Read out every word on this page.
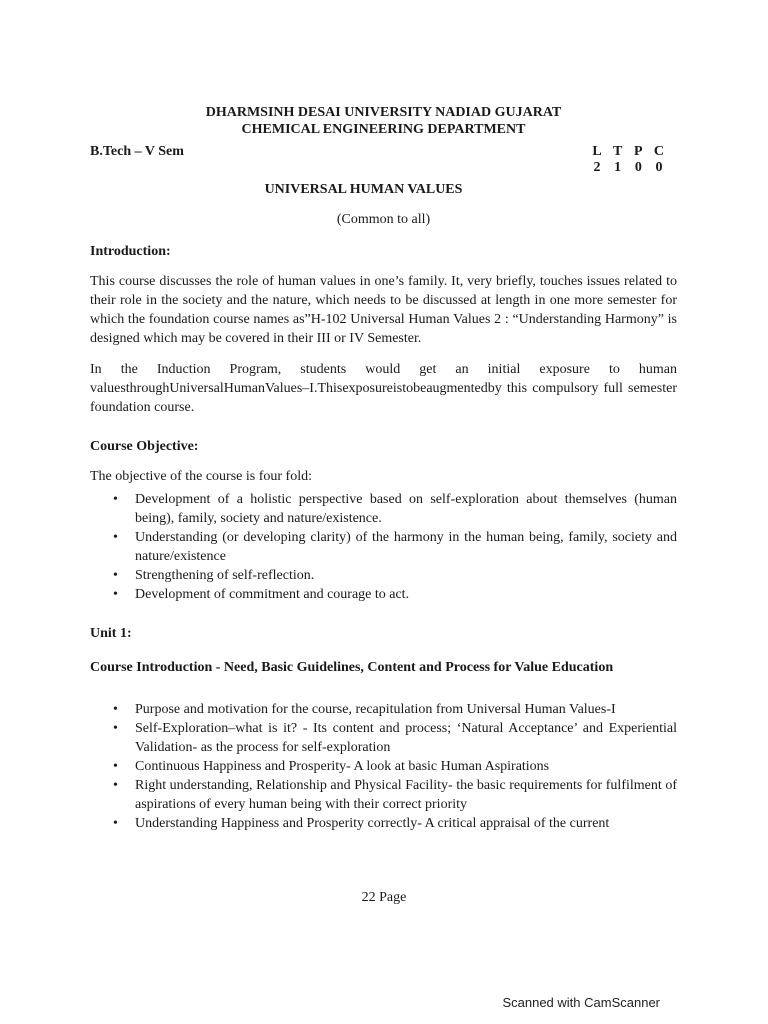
DHARMSINH DESAI UNIVERSITY NADIAD GUJARAT

CHEMICAL ENGINEERING DEPARTMENT

B.Tech – V Sem	L T P C
2 1 0 0
UNIVERSAL HUMAN VALUES
(Common to all)
Introduction:
This course discusses the role of human values in one’s family. It, very briefly, touches issues related to their role in the society and the nature, which needs to be discussed at length in one more semester for which the foundation course names as”H-102 Universal Human Values 2 : “Understanding Harmony” is designed which may be covered in their III or IV Semester.
In the Induction Program, students would get an initial exposure to human valuesthroughUniversalHumanValues–I.Thisexposureistobeaugmentedby this compulsory full semester foundation course.
Course Objective:
The objective of the course is four fold:
• Development of a holistic perspective based on self-exploration about themselves (human being), family, society and nature/existence.
• Understanding (or developing clarity) of the harmony in the human being, family, society and nature/existence
• Strengthening of self-reflection.
• Development of commitment and courage to act.
Unit 1:
Course Introduction - Need, Basic Guidelines, Content and Process for Value Education
• Purpose and motivation for the course, recapitulation from Universal Human Values-I
• Self-Exploration–what is it? - Its content and process; ‘Natural Acceptance’ and Experiential Validation- as the process for self-exploration
• Continuous Happiness and Prosperity- A look at basic Human Aspirations
• Right understanding, Relationship and Physical Facility- the basic requirements for fulfilment of aspirations of every human being with their correct priority
• Understanding Happiness and Prosperity correctly- A critical appraisal of the current
22 Page
Scanned with CamScanner
